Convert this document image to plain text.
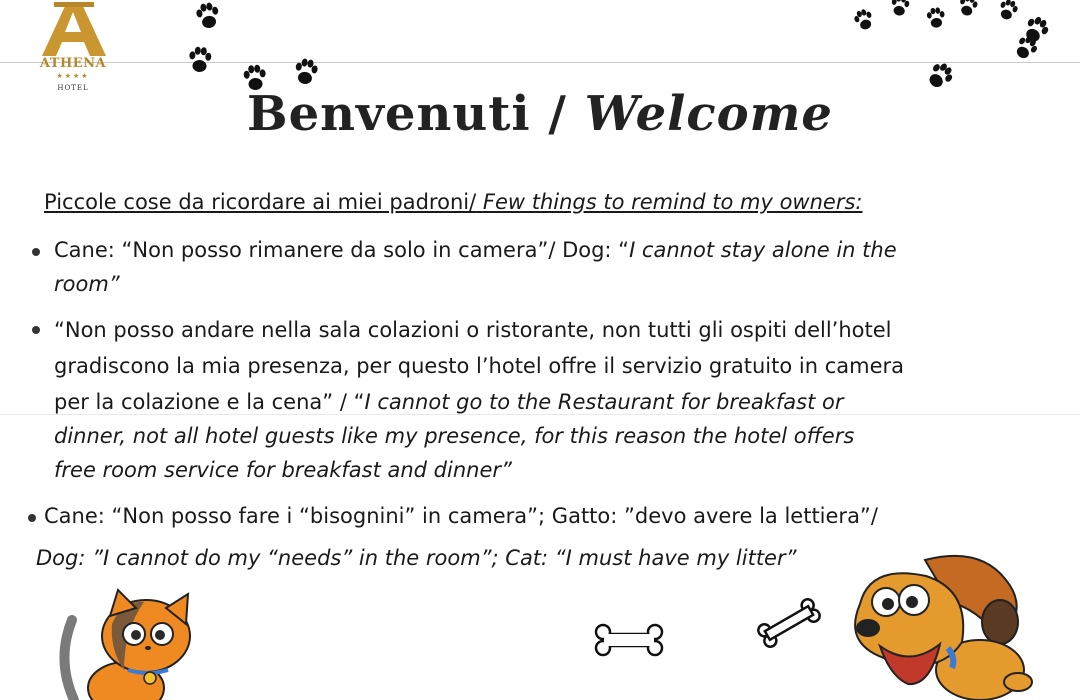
ATHENA
★★★★
HOTEL	Benvenuti / Welcome
Piccole cose da ricordare ai miei padroni/ Few things to remind to my owners:
Cane: “Non posso rimanere da solo in camera”/ Dog: “I cannot stay alone in the
room”
“Non posso andare nella sala colazioni o ristorante, non tutti gli ospiti dell’hotel
gradiscono la mia presenza, per questo l’hotel offre il servizio gratuito in camera
per la colazione e la cena” / “I cannot go to the Restaurant for breakfast or
dinner, not all hotel guests like my presence, for this reason the hotel offers
free room service for breakfast and dinner”
Cane: “Non posso fare i “bisognini” in camera”; Gatto: ”devo avere la lettiera”/
Dog: ”I cannot do my “needs” in the room”; Cat: “I must have my litter”
